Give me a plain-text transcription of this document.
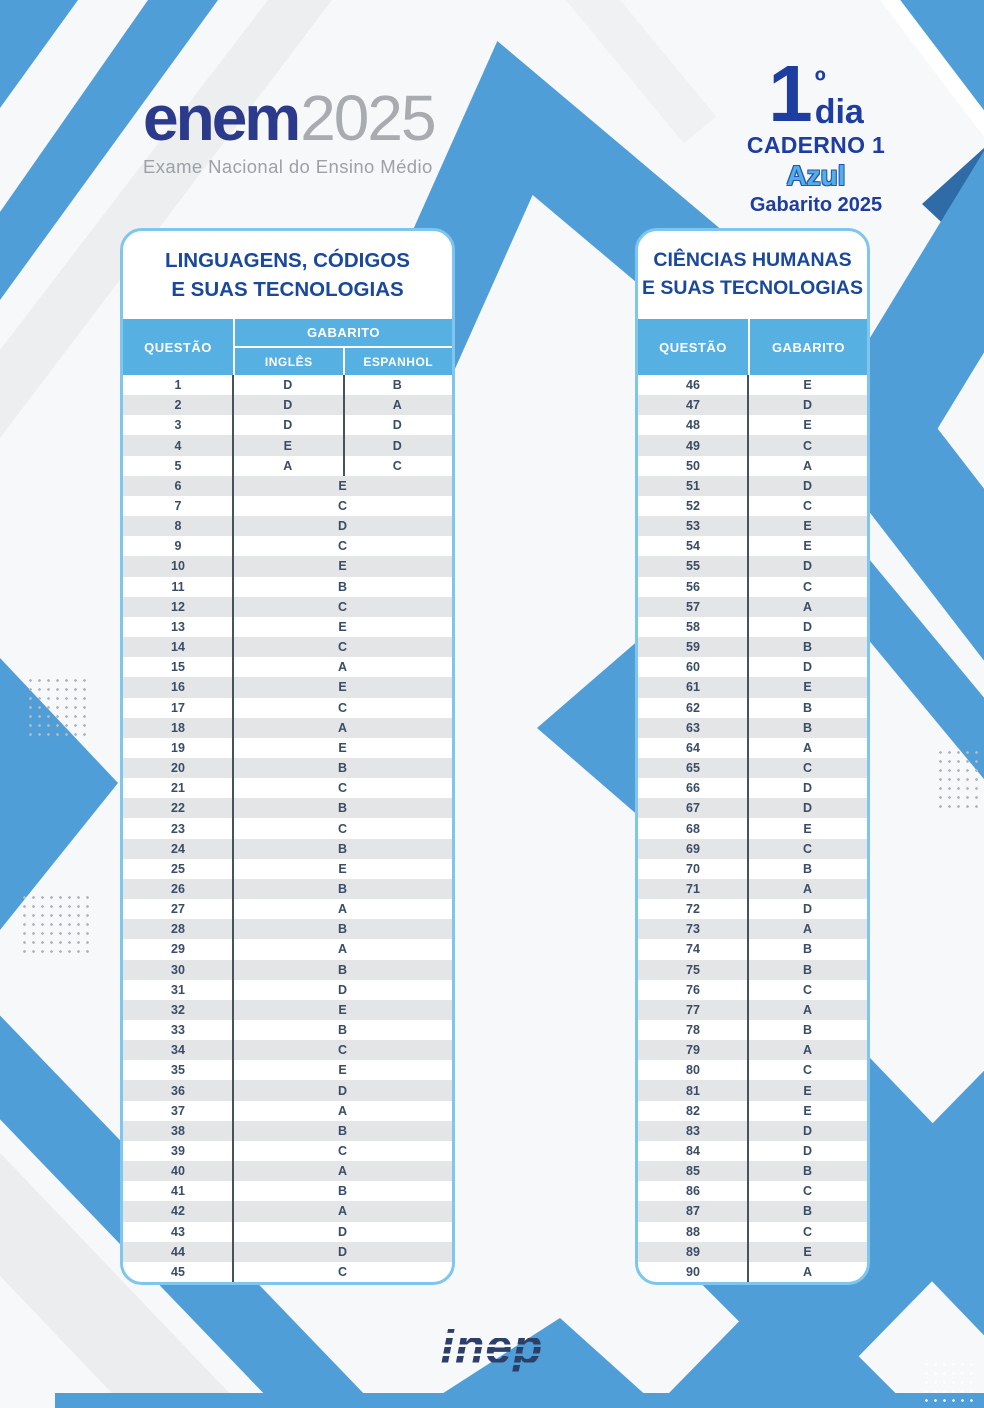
enem2025
Exame Nacional do Ensino Médio
1 º
dia
CADERNO 1
Azul
Gabarito 2025
LINGUAGENS, CÓDIGOS
E SUAS TECNOLOGIAS
QUESTÃO
GABARITO
INGLÊS	ESPANHOL
1	D	B
2	D	A
3	D	D
4	E	D
5	A	C
6	E
7	C
8	D
9	C
10	E
11	B
12	C
13	E
14	C
15	A
16	E
17	C
18	A
19	E
20	B
21	C
22	B
23	C
24	B
25	E
26	B
27	A
28	B
29	A
30	B
31	D
32	E
33	B
34	C
35	E
36	D
37	A
38	B
39	C
40	A
41	B
42	A
43	D
44	D
45	C
CIÊNCIAS HUMANAS
E SUAS TECNOLOGIAS
QUESTÃO	GABARITO
46	E
47	D
48	E
49	C
50	A
51	D
52	C
53	E
54	E
55	D
56	C
57	A
58	D
59	B
60	D
61	E
62	B
63	B
64	A
65	C
66	D
67	D
68	E
69	C
70	B
71	A
72	D
73	A
74	B
75	B
76	C
77	A
78	B
79	A
80	C
81	E
82	E
83	D
84	D
85	B
86	C
87	B
88	C
89	E
90	A
inep
